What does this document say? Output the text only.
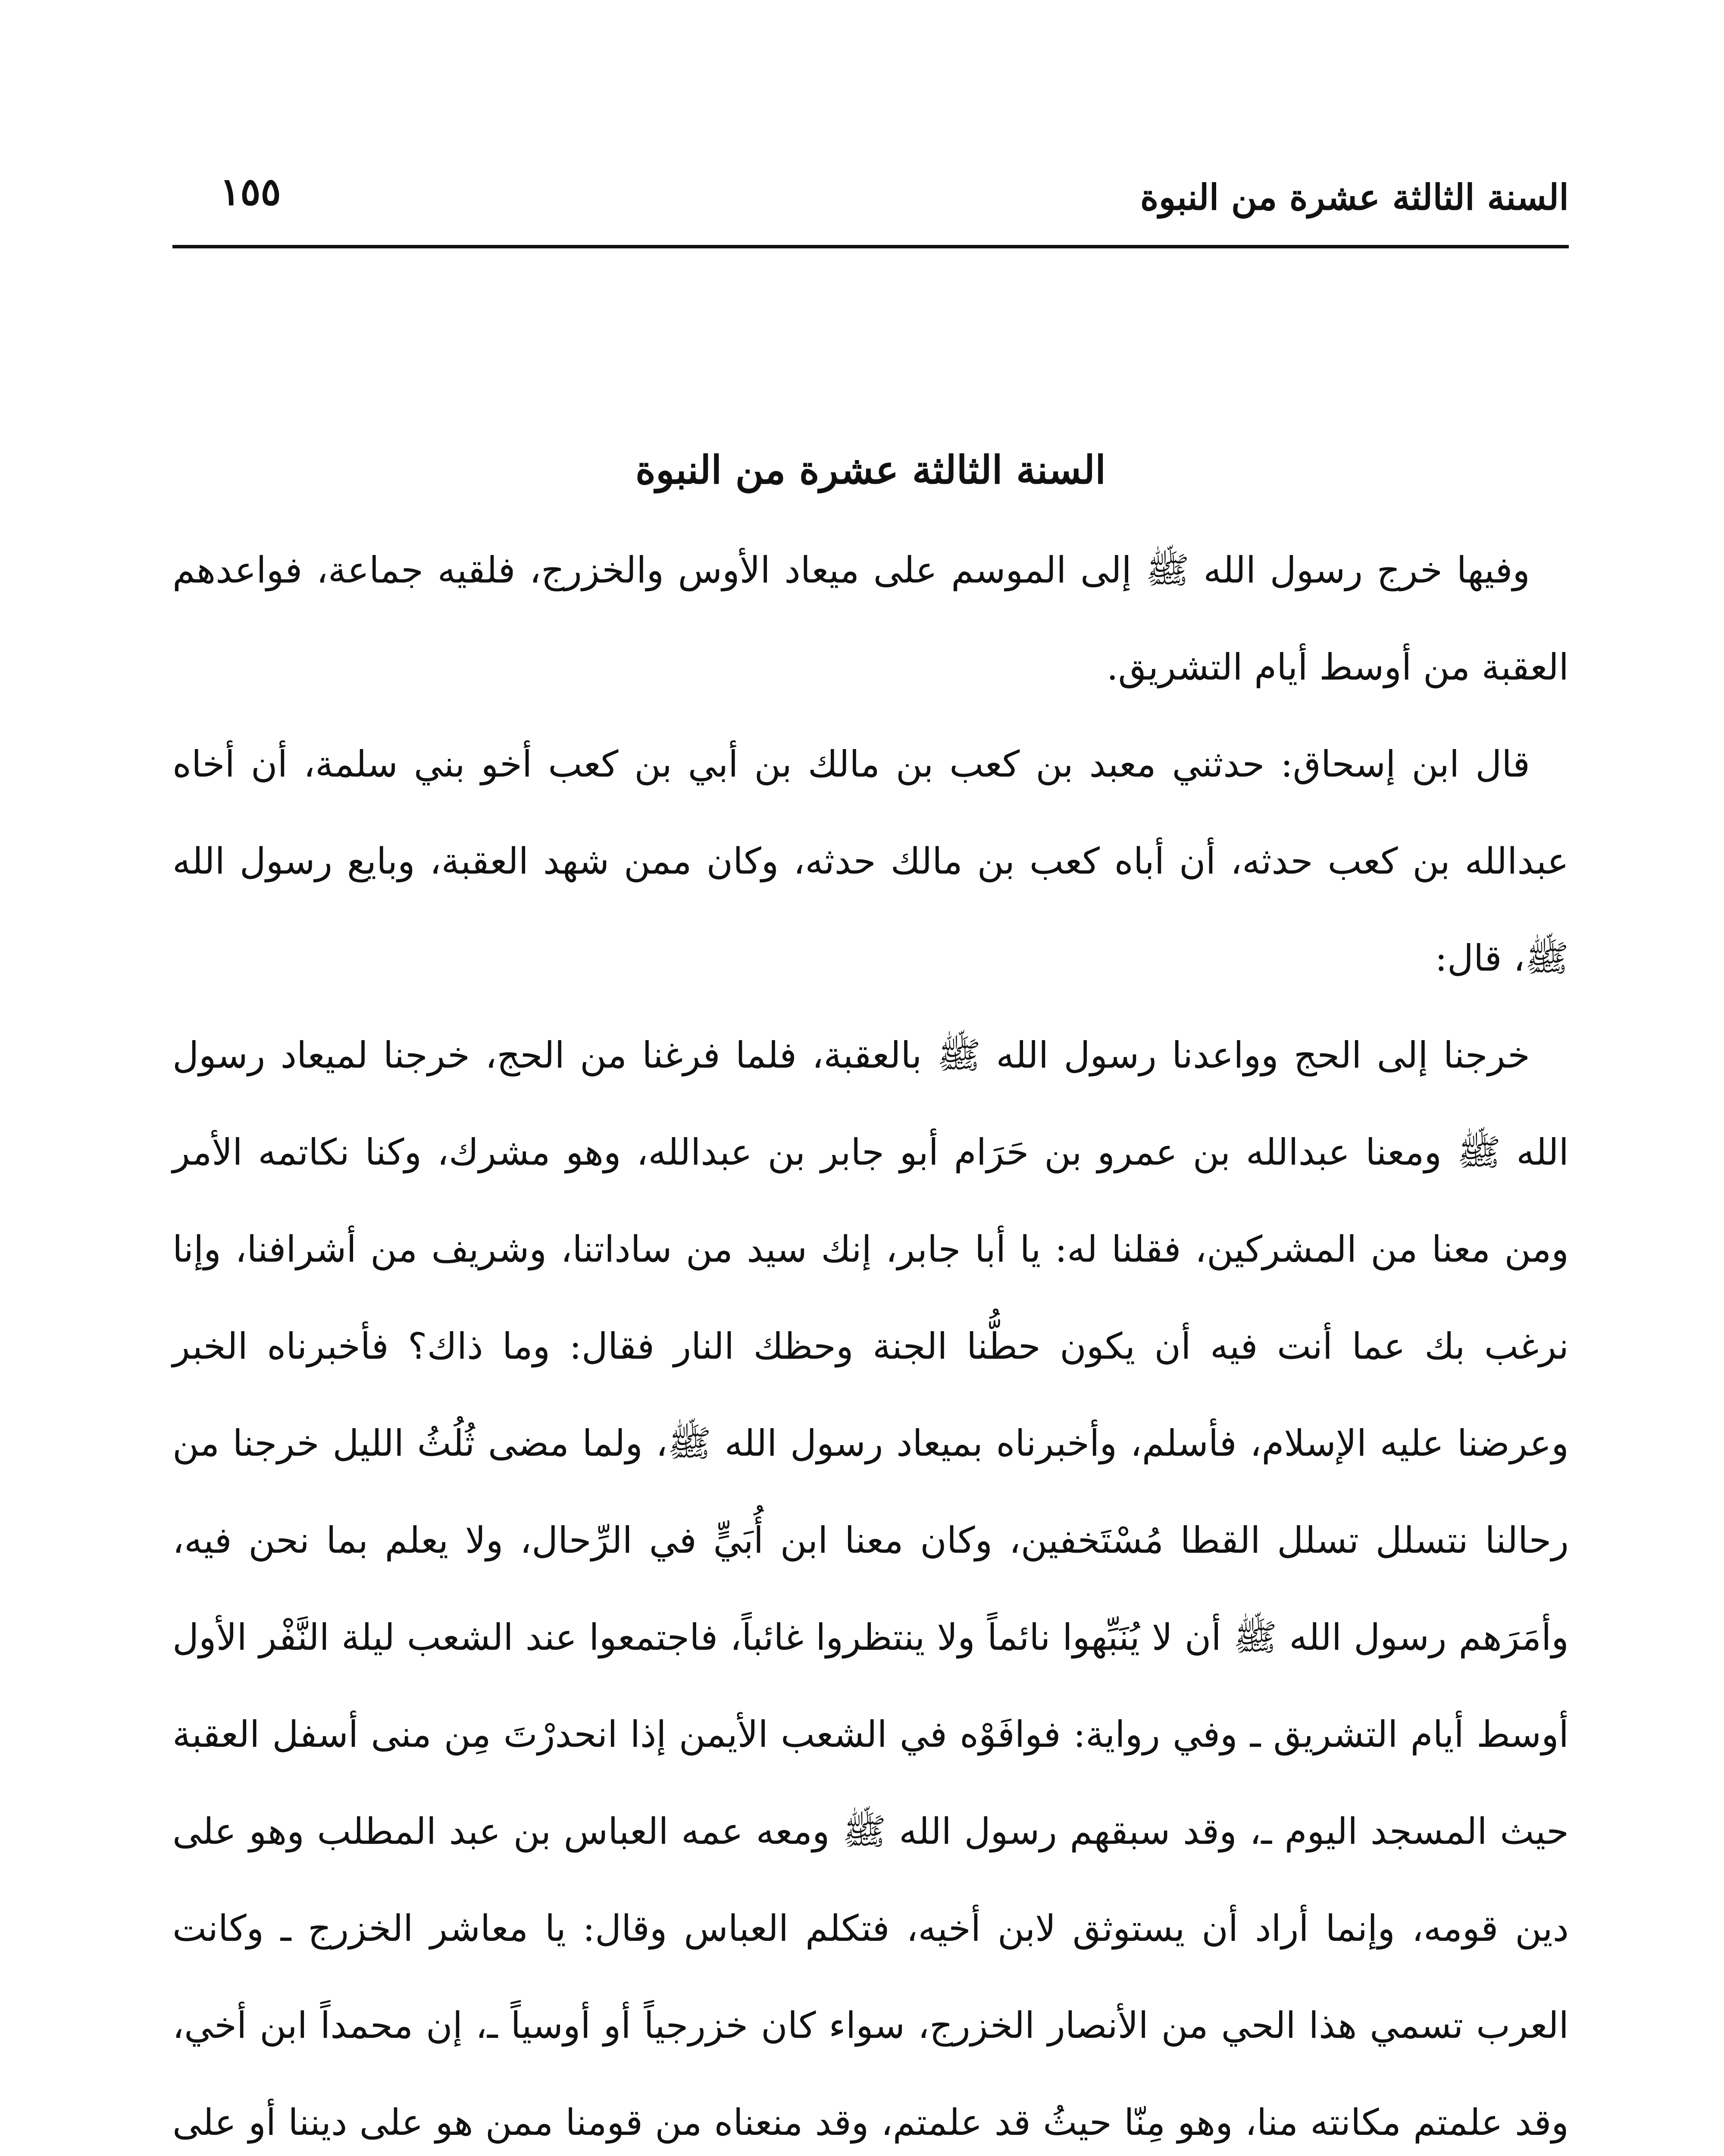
السنة الثالثة عشرة من النبوة
١٥٥
السنة الثالثة عشرة من النبوة

وفيها خرج رسول الله ﷺ إلى الموسم على ميعاد الأوس والخزرج، فلقيه جماعة، فواعدهم العقبة من أوسط أيام التشريق.

قال ابن إسحاق: حدثني معبد بن كعب بن مالك بن أبي بن كعب أخو بني سلمة، أن أخاه عبدالله بن كعب حدثه، أن أباه كعب بن مالك حدثه، وكان ممن شهد العقبة، وبايع رسول الله ﷺ، قال:

خرجنا إلى الحج وواعدنا رسول الله ﷺ بالعقبة، فلما فرغنا من الحج، خرجنا لميعاد رسول الله ﷺ ومعنا عبدالله بن عمرو بن حَرَام أبو جابر بن عبدالله، وهو مشرك، وكنا نكاتمه الأمر ومن معنا من المشركين، فقلنا له: يا أبا جابر، إنك سيد من ساداتنا، وشريف من أشرافنا، وإنا نرغب بك عما أنت فيه أن يكون حطُّنا الجنة وحظك النار فقال: وما ذاك؟ فأخبرناه الخبر وعرضنا عليه الإسلام، فأسلم، وأخبرناه بميعاد رسول الله ﷺ، ولما مضى ثُلُثُ الليل خرجنا من رحالنا نتسلل تسلل القطا مُسْتَخفين، وكان معنا ابن أُبَيٍّ في الرِّحال، ولا يعلم بما نحن فيه، وأمَرَهم رسول الله ﷺ أن لا يُنَبِّهوا نائماً ولا ينتظروا غائباً، فاجتمعوا عند الشعب ليلة النَّفْر الأول أوسط أيام التشريق ـ وفي رواية: فوافَوْه في الشعب الأيمن إذا انحدرْتَ مِن منى أسفل العقبة حيث المسجد اليوم ـ، وقد سبقهم رسول الله ﷺ ومعه عمه العباس بن عبد المطلب وهو على دين قومه، وإنما أراد أن يستوثق لابن أخيه، فتكلم العباس وقال: يا معاشر الخزرج ـ وكانت العرب تسمي هذا الحي من الأنصار الخزرج، سواء كان خزرجياً أو أوسياً ـ، إن محمداً ابن أخي، وقد علمتم مكانته منا، وهو مِنّا حيثُ قد علمتم، وقد منعناه من قومنا ممن هو على ديننا أو على
